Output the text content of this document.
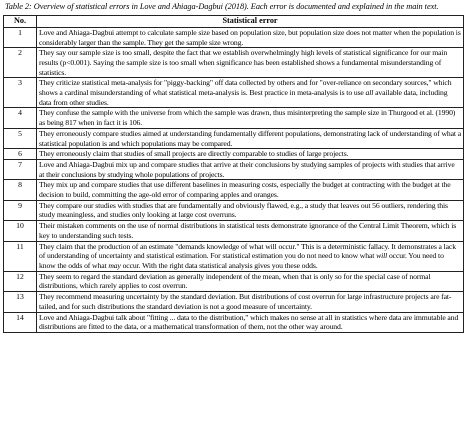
Table 2: Overview of statistical errors in Love and Ahiaga-Dagbui (2018). Each error is documented and explained in the main text.
No.	Statistical error
1	Love and Ahiaga-Dagbui attempt to calculate sample size based on population size, but population size does not matter when the population is considerably larger than the sample. They get the sample size wrong.
2	They say our sample size is too small, despite the fact that we establish overwhelmingly high levels of statistical significance for our main results (p<0.001). Saying the sample size is too small when significance has been established shows a fundamental misunderstanding of statistics.
3	They criticize statistical meta-analysis for "piggy-backing" off data collected by others and for "over-reliance on secondary sources," which shows a cardinal misunderstanding of what statistical meta-analysis is. Best practice in meta-analysis is to use all available data, including data from other studies.
4	They confuse the sample with the universe from which the sample was drawn, thus misinterpreting the sample size in Thurgood et al. (1990) as being 817 when in fact it is 106.
5	They erroneously compare studies aimed at understanding fundamentally different populations, demonstrating lack of understanding of what a statistical population is and which populations may be compared.
6	They erroneously claim that studies of small projects are directly comparable to studies of large projects.
7	Love and Ahiaga-Dagbui mix up and compare studies that arrive at their conclusions by studying samples of projects with studies that arrive at their conclusions by studying whole populations of projects.
8	They mix up and compare studies that use different baselines in measuring costs, especially the budget at contracting with the budget at the decision to build, committing the age-old error of comparing apples and oranges.
9	They compare our studies with studies that are fundamentally and obviously flawed, e.g., a study that leaves out 56 outliers, rendering this study meaningless, and studies only looking at large cost overruns.
10	Their mistaken comments on the use of normal distributions in statistical tests demonstrate ignorance of the Central Limit Theorem, which is key to understanding such tests.
11	They claim that the production of an estimate "demands knowledge of what will occur." This is a deterministic fallacy. It demonstrates a lack of understanding of uncertainty and statistical estimation. For statistical estimation you do not need to know what will occur. You need to know the odds of what may occur. With the right data statistical analysis gives you these odds.
12	They seem to regard the standard deviation as generally independent of the mean, when that is only so for the special case of normal distributions, which rarely applies to cost overrun.
13	They recommend measuring uncertainty by the standard deviation. But distributions of cost overrun for large infrastructure projects are fat-tailed, and for such distributions the standard deviation is not a good measure of uncertainty.
14	Love and Ahiaga-Dagbui talk about "fitting ... data to the distribution," which makes no sense at all in statistics where data are immutable and distributions are fitted to the data, or a mathematical transformation of them, not the other way around.
